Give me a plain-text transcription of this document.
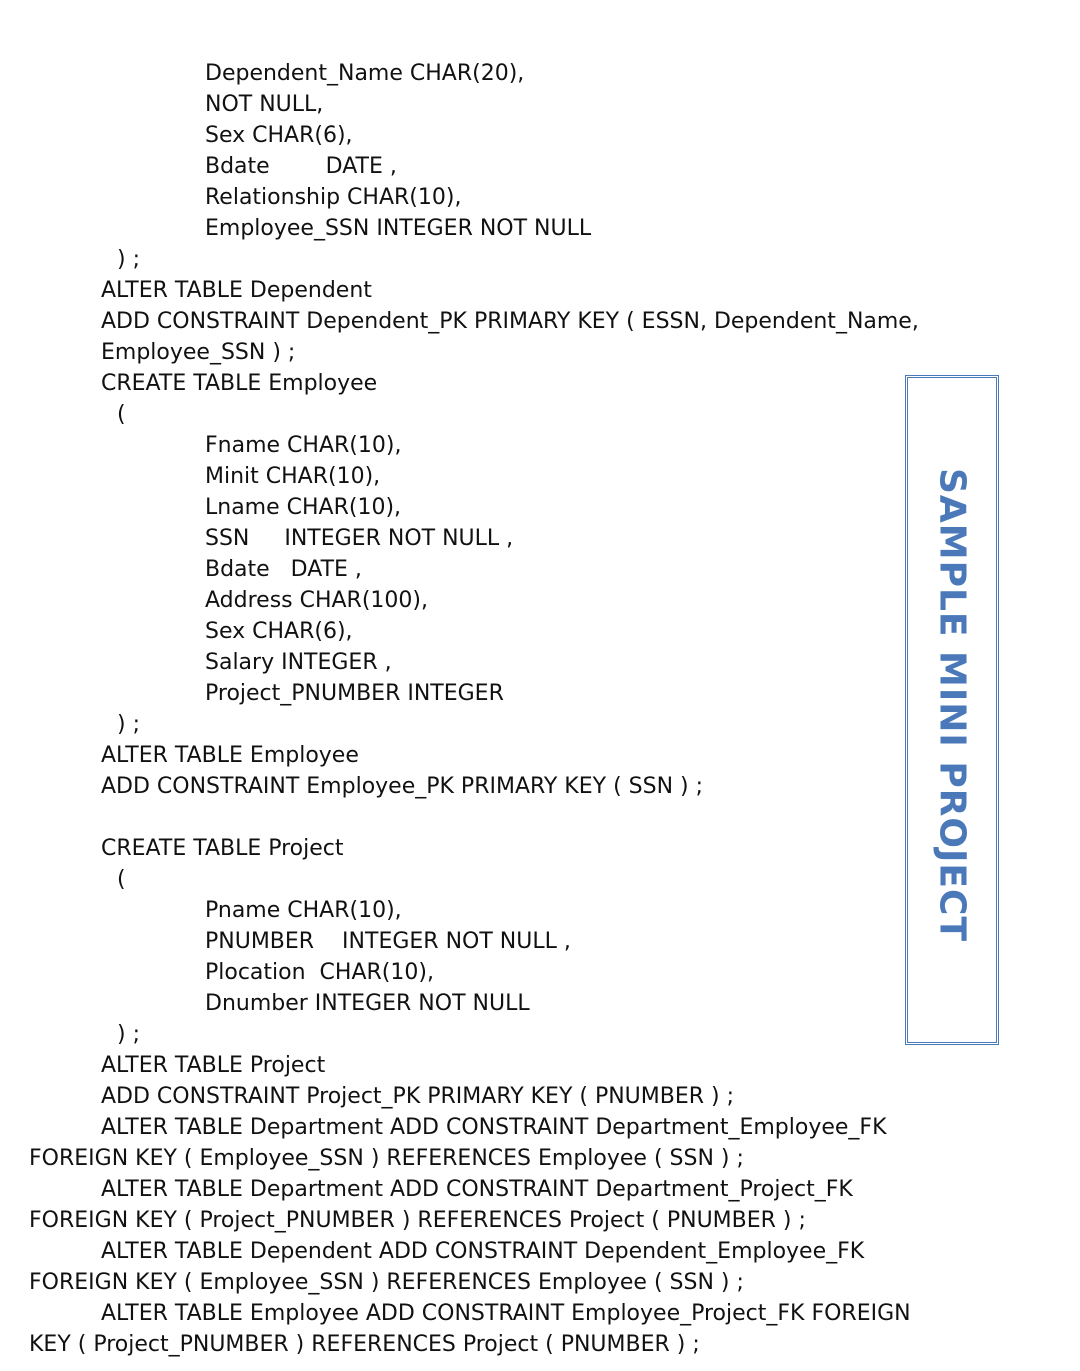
Dependent_Name CHAR(20),
NOT NULL,
Sex CHAR(6),
Bdate        DATE ,
Relationship CHAR(10),
Employee_SSN INTEGER NOT NULL
) ;
ALTER TABLE Dependent
ADD CONSTRAINT Dependent_PK PRIMARY KEY ( ESSN, Dependent_Name,
Employee_SSN ) ;
CREATE TABLE Employee
(
Fname CHAR(10),
Minit CHAR(10),
Lname CHAR(10),
SSN     INTEGER NOT NULL ,
Bdate   DATE ,
Address CHAR(100),
Sex CHAR(6),
Salary INTEGER ,
Project_PNUMBER INTEGER
) ;
ALTER TABLE Employee
ADD CONSTRAINT Employee_PK PRIMARY KEY ( SSN ) ;
CREATE TABLE Project
(
Pname CHAR(10),
PNUMBER    INTEGER NOT NULL ,
Plocation  CHAR(10),
Dnumber INTEGER NOT NULL
) ;
ALTER TABLE Project
ADD CONSTRAINT Project_PK PRIMARY KEY ( PNUMBER ) ;
ALTER TABLE Department ADD CONSTRAINT Department_Employee_FK
FOREIGN KEY ( Employee_SSN ) REFERENCES Employee ( SSN ) ;
ALTER TABLE Department ADD CONSTRAINT Department_Project_FK
FOREIGN KEY ( Project_PNUMBER ) REFERENCES Project ( PNUMBER ) ;
ALTER TABLE Dependent ADD CONSTRAINT Dependent_Employee_FK
FOREIGN KEY ( Employee_SSN ) REFERENCES Employee ( SSN ) ;
ALTER TABLE Employee ADD CONSTRAINT Employee_Project_FK FOREIGN
KEY ( Project_PNUMBER ) REFERENCES Project ( PNUMBER ) ;
SAMPLE MINI PROJECT
